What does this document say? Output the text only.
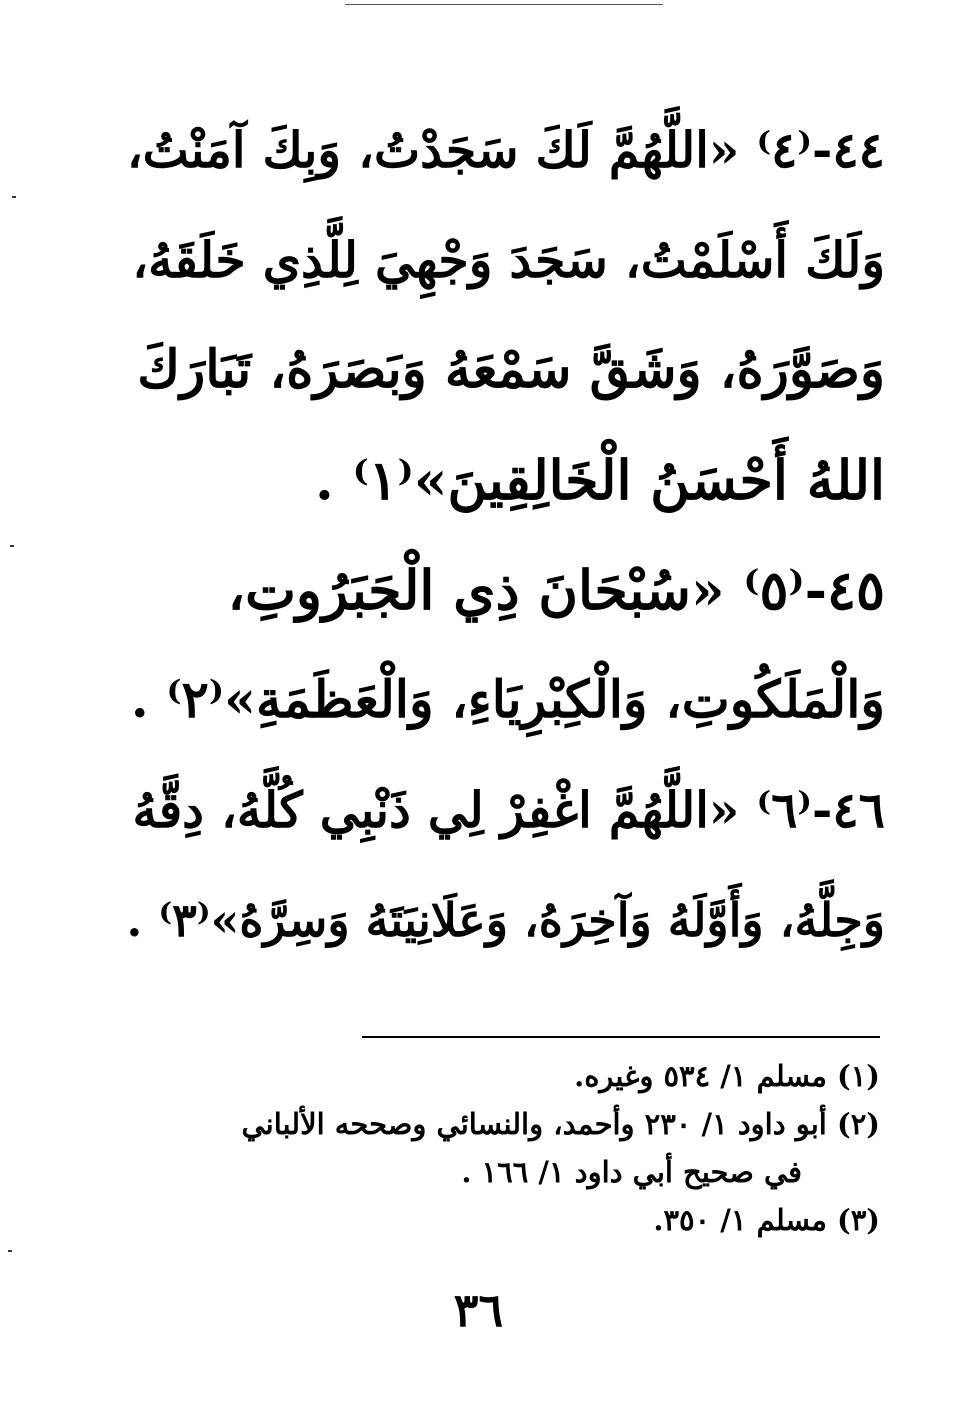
٤٤-⁽٤⁾ «اللَّهُمَّ لَكَ سَجَدْتُ، وَبِكَ آمَنْتُ،
وَلَكَ أَسْلَمْتُ، سَجَدَ وَجْهِيَ لِلَّذِي خَلَقَهُ،
وَصَوَّرَهُ، وَشَقَّ سَمْعَهُ وَبَصَرَهُ، تَبَارَكَ
اللهُ أَحْسَنُ الْخَالِقِينَ»⁽١⁾ .
٤٥-⁽٥⁾ «سُبْحَانَ ذِي الْجَبَرُوتِ،
وَالْمَلَكُوتِ، وَالْكِبْرِيَاءِ، وَالْعَظَمَةِ»⁽٢⁾ .
٤٦-⁽٦⁾ «اللَّهُمَّ اغْفِرْ لِي ذَنْبِي كُلَّهُ، دِقَّهُ
وَجِلَّهُ، وَأَوَّلَهُ وَآخِرَهُ، وَعَلَانِيَتَهُ وَسِرَّهُ»⁽٣⁾ .
(١) مسلم ١/ ٥٣٤ وغيره.
(٢) أبو داود ١/ ٢٣٠ وأحمد، والنسائي وصححه الألباني
في صحيح أبي داود ١/ ١٦٦ .
(٣) مسلم ١/ ٣٥٠.
٣٦
